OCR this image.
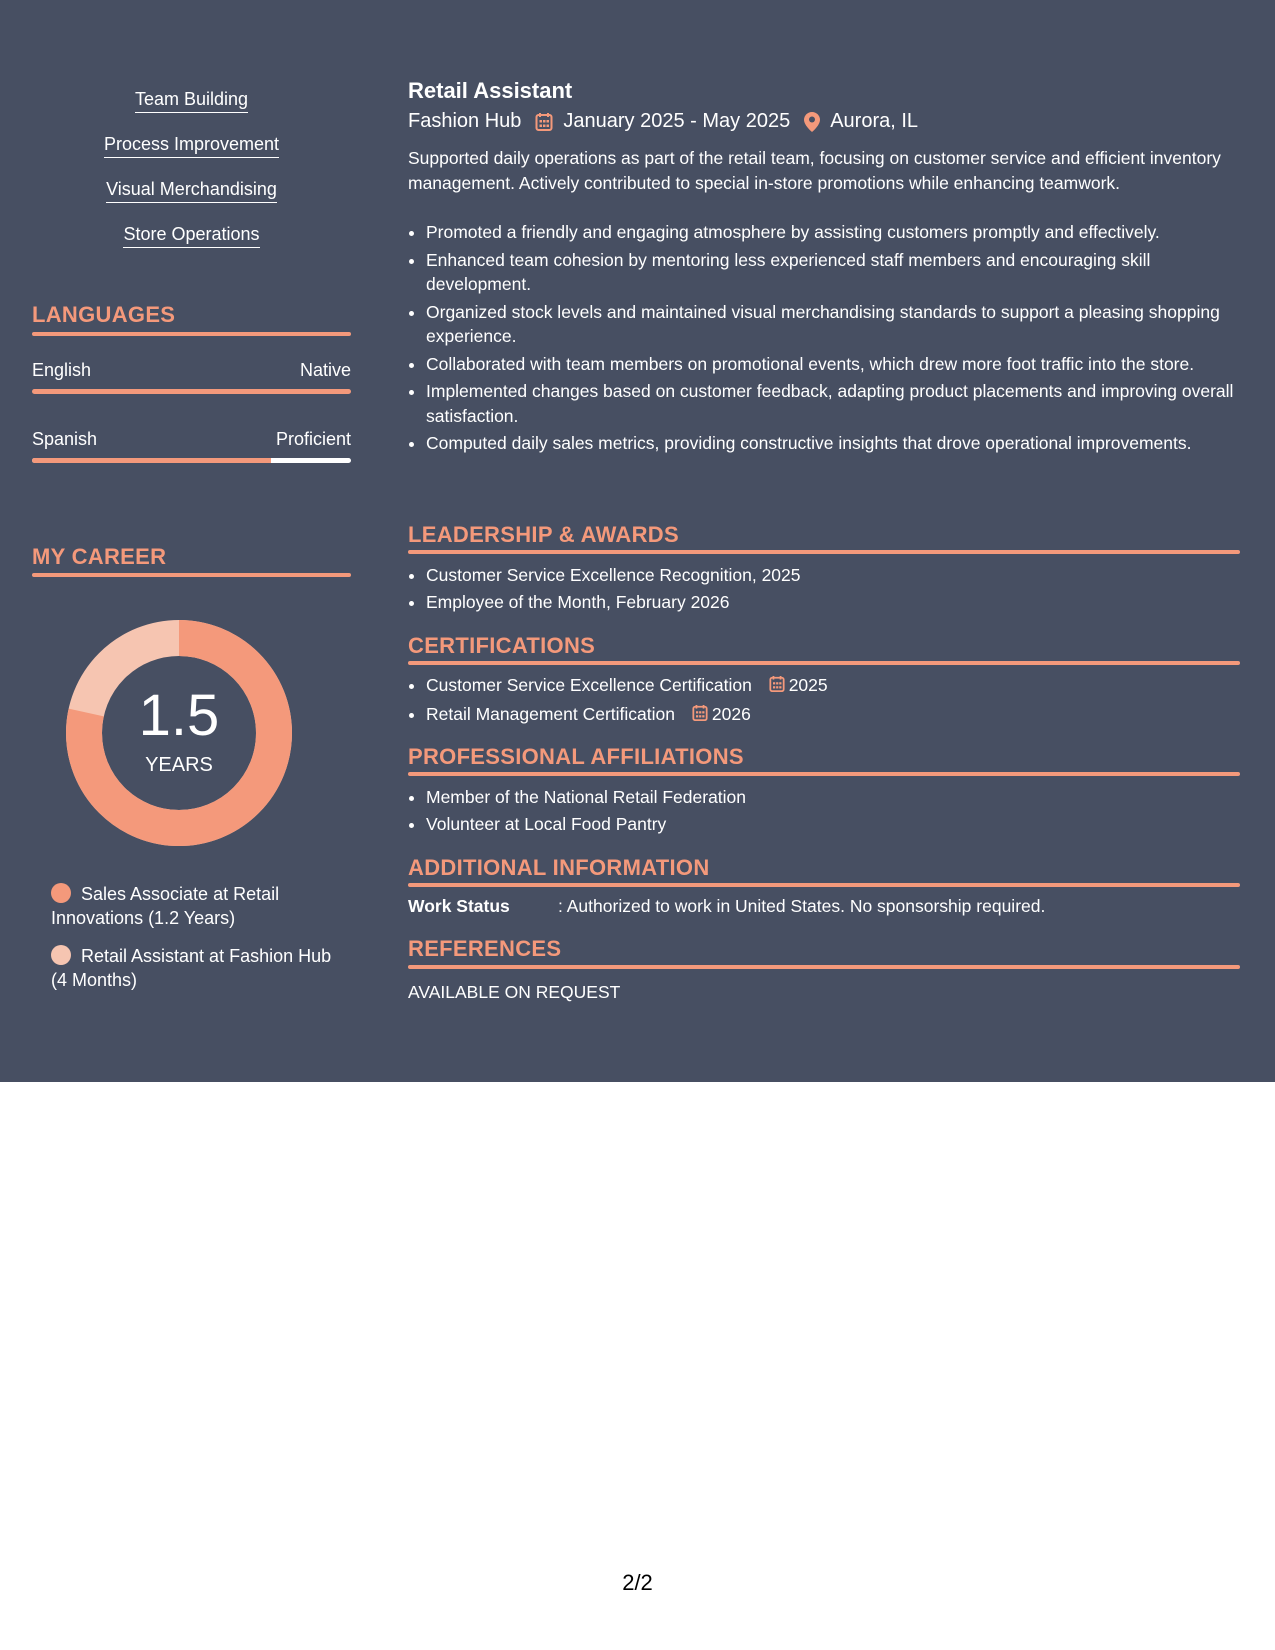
Team Building
Process Improvement
Visual Merchandising
Store Operations
LANGUAGES
English	Native
Spanish	Proficient
MY CAREER
1.5
YEARS
Sales Associate at Retail Innovations (1.2 Years)
Retail Assistant at Fashion Hub (4 Months)
Retail Assistant
Fashion Hub January 2025 - May 2025 Aurora, IL
Supported daily operations as part of the retail team, focusing on customer service and efficient inventory management. Actively contributed to special in-store promotions while enhancing teamwork.
• Promoted a friendly and engaging atmosphere by assisting customers promptly and effectively.
• Enhanced team cohesion by mentoring less experienced staff members and encouraging skill development.
• Organized stock levels and maintained visual merchandising standards to support a pleasing shopping experience.
• Collaborated with team members on promotional events, which drew more foot traffic into the store.
• Implemented changes based on customer feedback, adapting product placements and improving overall satisfaction.
• Computed daily sales metrics, providing constructive insights that drove operational improvements.
LEADERSHIP & AWARDS
• Customer Service Excellence Recognition, 2025
• Employee of the Month, February 2026
CERTIFICATIONS
• Customer Service Excellence Certification 2025
• Retail Management Certification 2026
PROFESSIONAL AFFILIATIONS
• Member of the National Retail Federation
• Volunteer at Local Food Pantry
ADDITIONAL INFORMATION
Work Status	: Authorized to work in United States. No sponsorship required.
REFERENCES
AVAILABLE ON REQUEST
2/2
